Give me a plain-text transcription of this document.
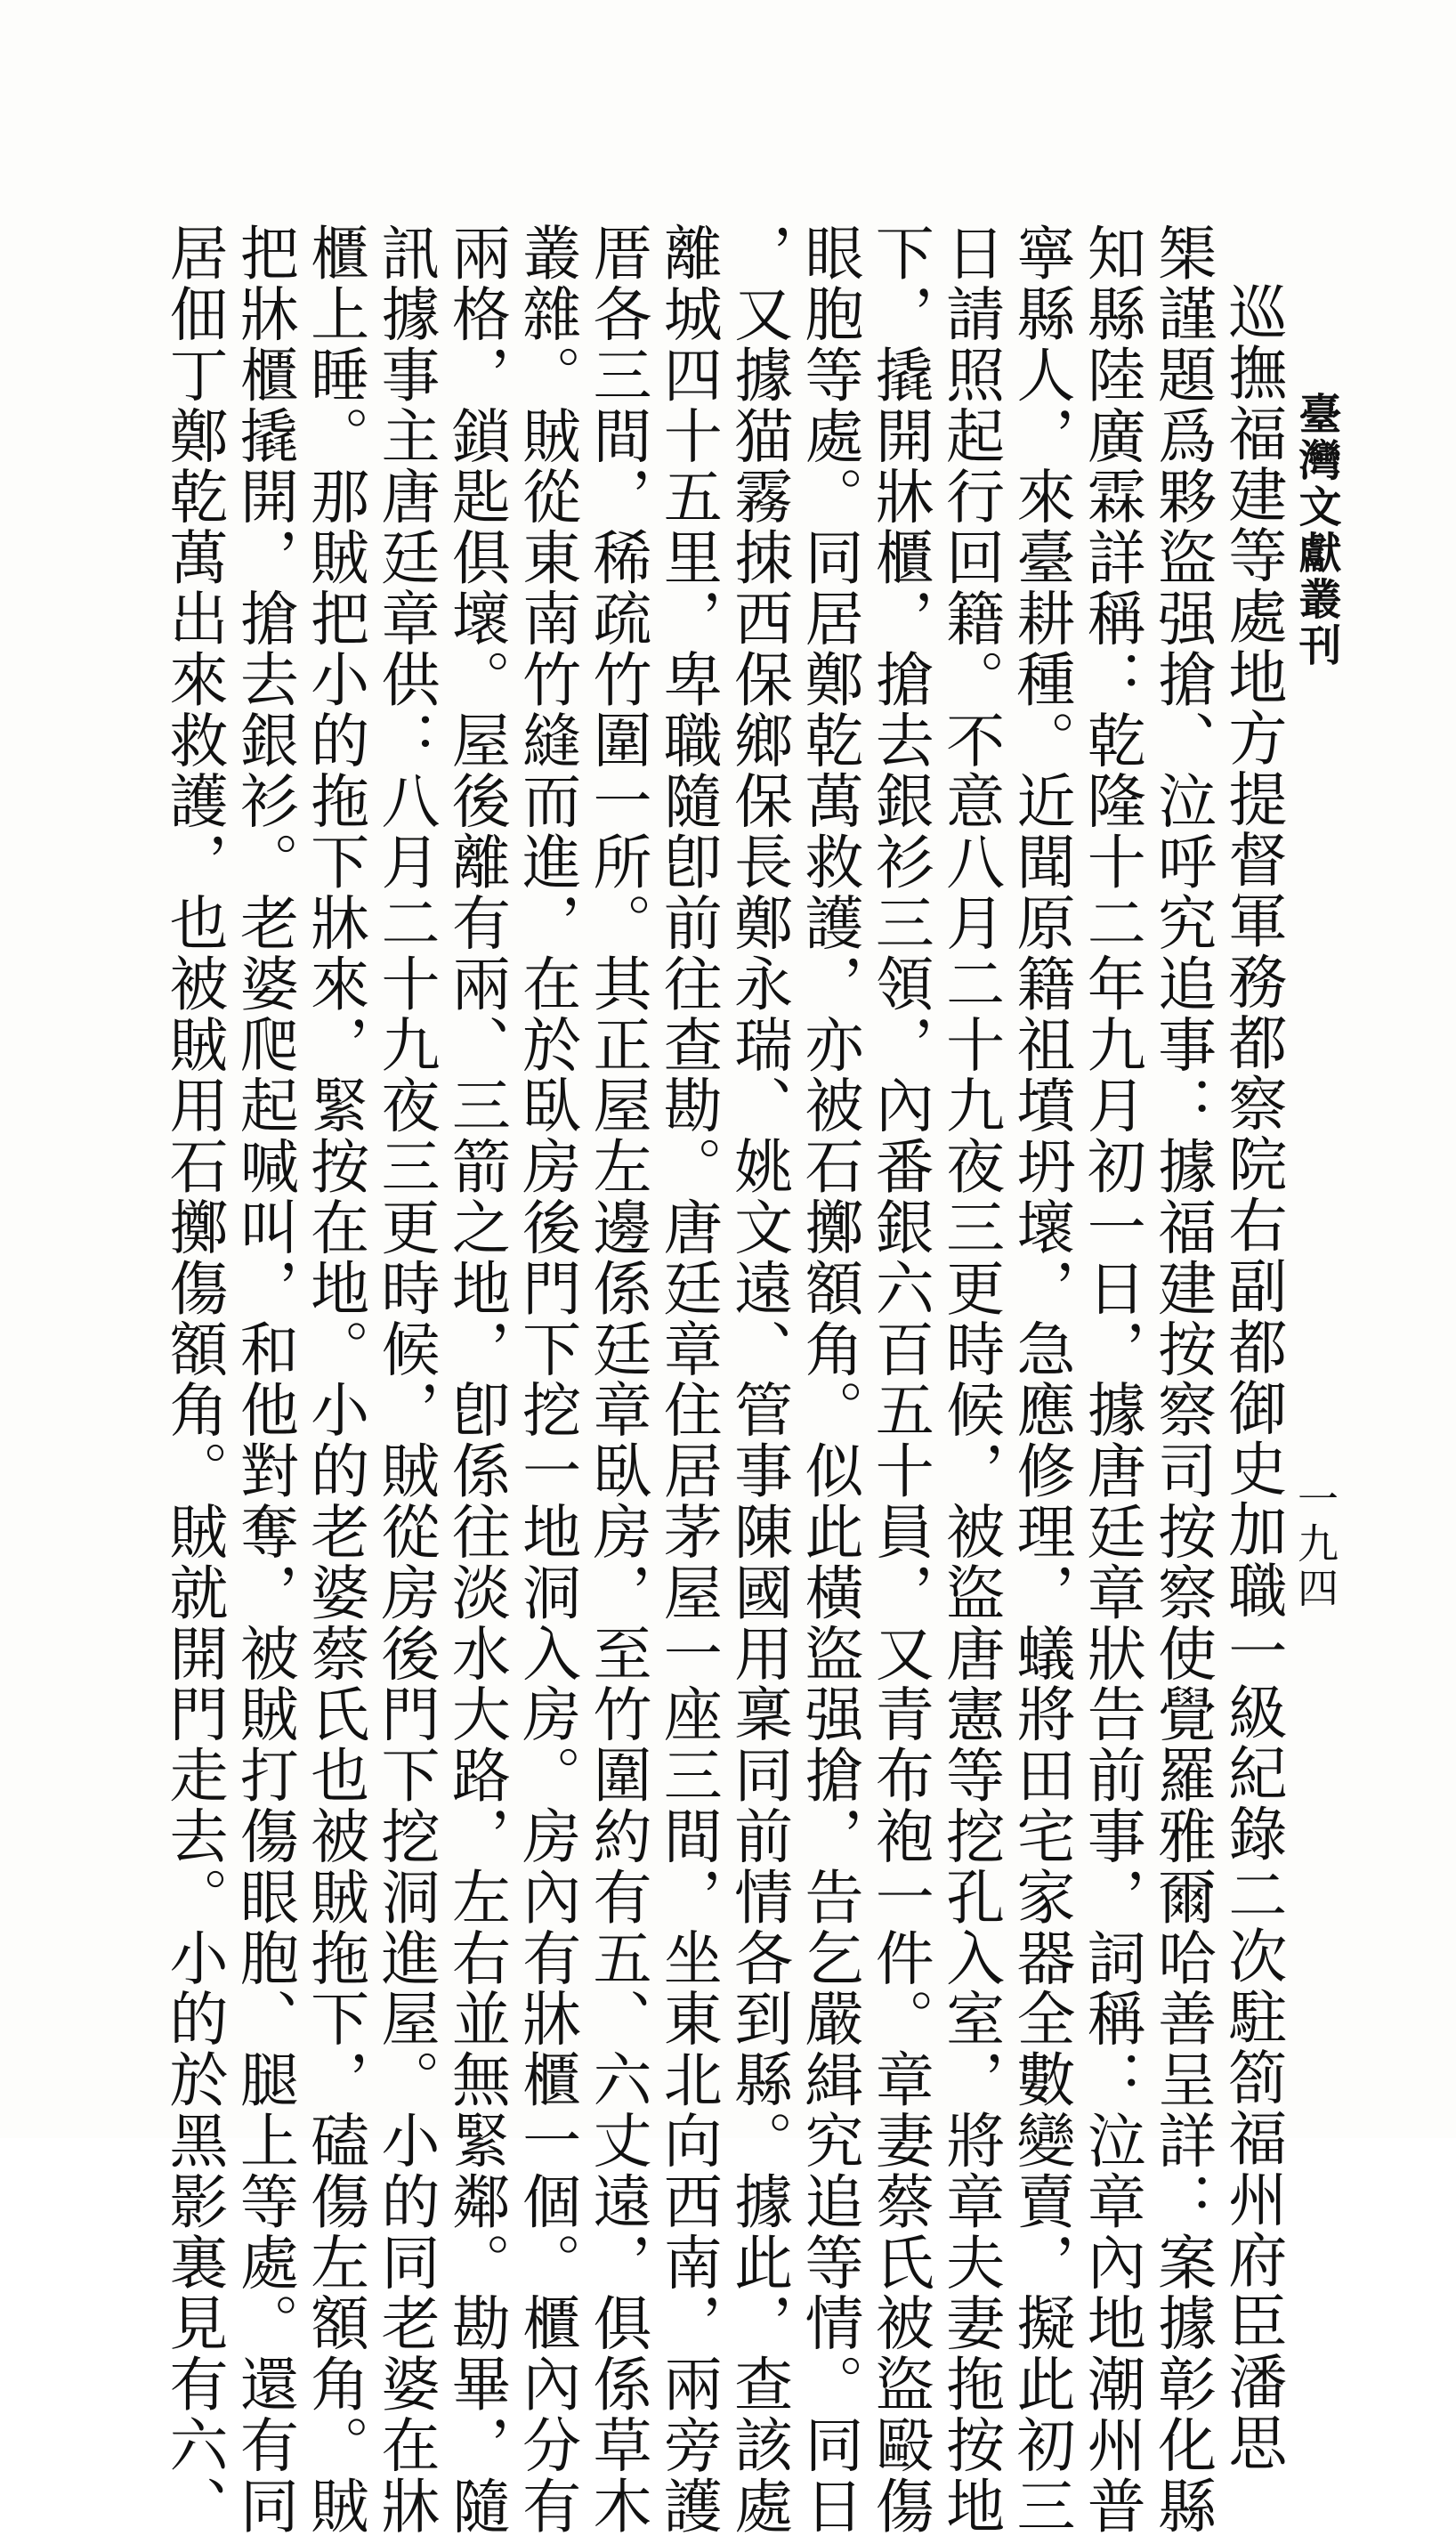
臺灣文獻叢刊
一九四
巡撫福建等處地方提督軍務都察院右副都御史加職一級紀錄二次駐箚福州府臣潘思
榘謹題爲夥盜强搶、泣呼究追事：據福建按察司按察使覺羅雅爾哈善呈詳：案據彰化縣
知縣陸廣霖詳稱：乾隆十二年九月初一日，據唐廷章狀告前事，詞稱：泣章內地潮州普
寧縣人，來臺耕種。近聞原籍祖墳坍壞，急應修理，蟻將田宅家器全數變賣，擬此初三
日請照起行回籍。不意八月二十九夜三更時候，被盜唐憲等挖孔入室，將章夫妻拖按地
下，撬開牀櫃，搶去銀衫三領，內番銀六百五十員，又青布袍一件。章妻蔡氏被盜毆傷
眼胞等處。同居鄭乾萬救護，亦被石擲額角。似此橫盜强搶，告乞嚴緝究追等情。同日
，又據猫霧拺西保鄉保長鄭永瑞、姚文遠、管事陳國用稟同前情各到縣。據此，查該處
離城四十五里，卑職隨卽前往查勘。唐廷章住居茅屋一座三間，坐東北向西南，兩旁護
厝各三間，稀疏竹圍一所。其正屋左邊係廷章臥房，至竹圍約有五、六丈遠，俱係草木
叢雜。賊從東南竹縫而進，在於臥房後門下挖一地洞入房。房內有牀櫃一個。櫃內分有
兩格，鎖匙俱壞。屋後離有兩、三箭之地，卽係往淡水大路，左右並無緊鄰。勘畢，隨
訊據事主唐廷章供：八月二十九夜三更時候，賊從房後門下挖洞進屋。小的同老婆在牀
櫃上睡。那賊把小的拖下牀來，緊按在地。小的老婆蔡氏也被賊拖下，磕傷左額角。賊
把牀櫃撬開，搶去銀衫。老婆爬起喊叫，和他對奪，被賊打傷眼胞、腿上等處。還有同
居佃丁鄭乾萬出來救護，也被賊用石擲傷額角。賊就開門走去。小的於黑影裏見有六、
